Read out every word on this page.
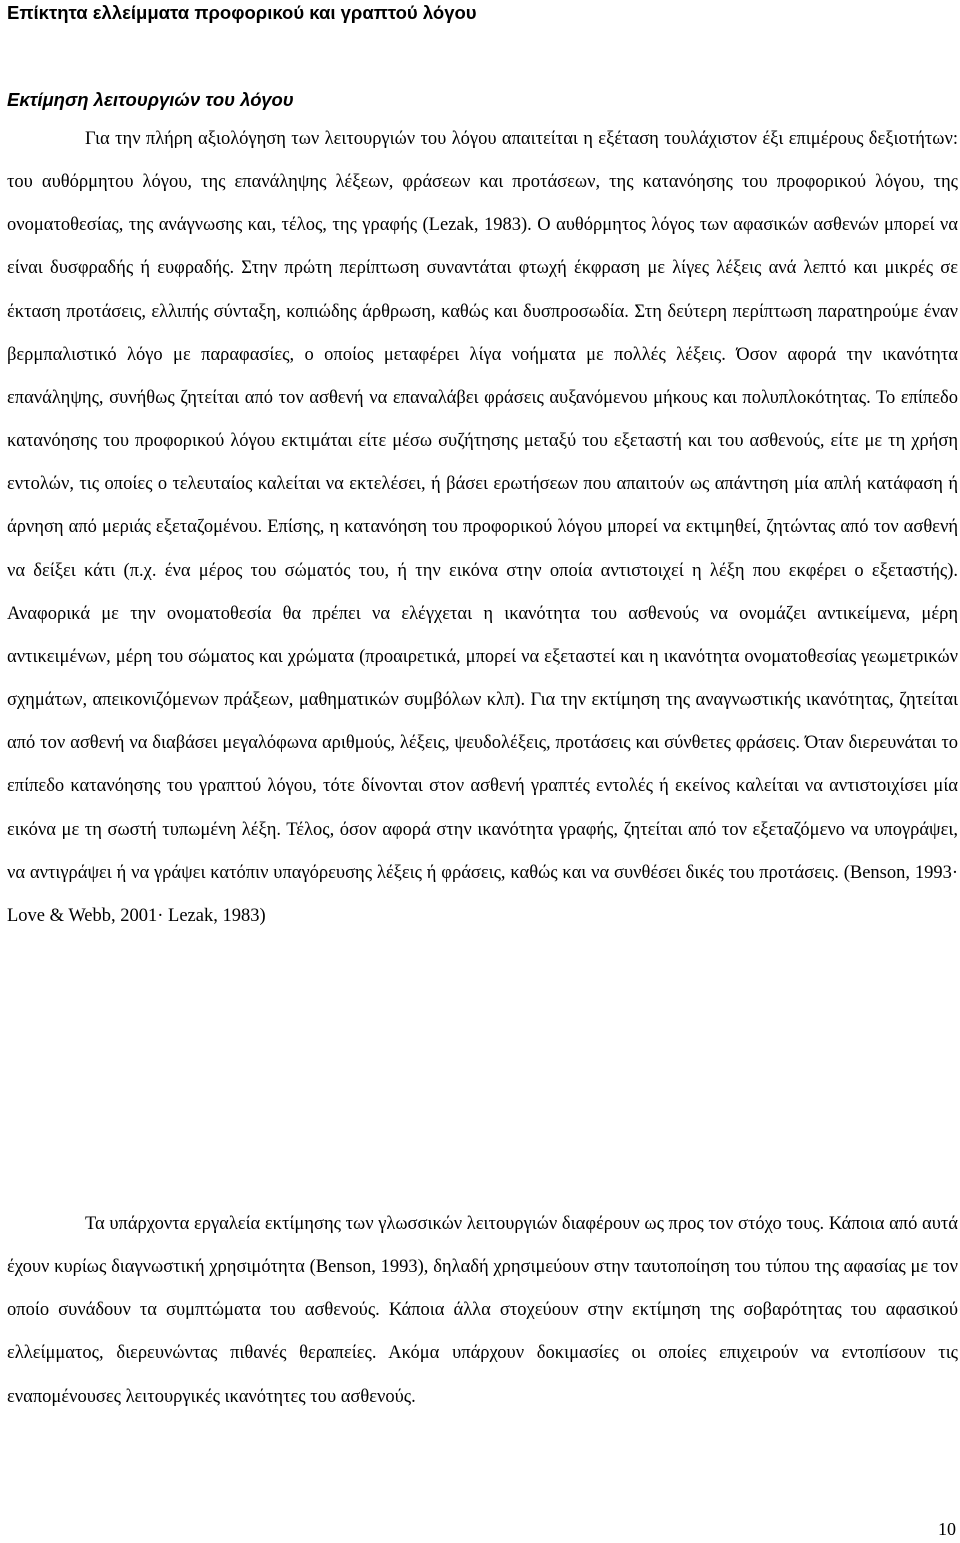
Επίκτητα ελλείμματα προφορικού και γραπτού λόγου
Εκτίμηση λειτουργιών του λόγου
Για την πλήρη αξιολόγηση των λειτουργιών του λόγου απαιτείται η εξέταση τουλάχιστον έξι επιμέρους δεξιοτήτων: του αυθόρμητου λόγου, της επανάληψης λέξεων, φράσεων και προτάσεων, της κατανόησης του προφορικού λόγου, της ονοματοθεσίας, της ανάγνωσης και, τέλος, της γραφής (Lezak, 1983). Ο αυθόρμητος λόγος των αφασικών ασθενών μπορεί να είναι δυσφραδής ή ευφραδής. Στην πρώτη περίπτωση συναντάται φτωχή έκφραση με λίγες λέξεις ανά λεπτό και μικρές σε έκταση προτάσεις, ελλιπής σύνταξη, κοπιώδης άρθρωση, καθώς και δυσπροσωδία. Στη δεύτερη περίπτωση παρατηρούμε έναν βερμπαλιστικό λόγο με παραφασίες, ο οποίος μεταφέρει λίγα νοήματα με πολλές λέξεις. Όσον αφορά την ικανότητα επανάληψης, συνήθως ζητείται από τον ασθενή να επαναλάβει φράσεις αυξανόμενου μήκους και πολυπλοκότητας. Το επίπεδο κατανόησης του προφορικού λόγου εκτιμάται είτε μέσω συζήτησης μεταξύ του εξεταστή και του ασθενούς, είτε με τη χρήση εντολών, τις οποίες ο τελευταίος καλείται να εκτελέσει, ή βάσει ερωτήσεων που απαιτούν ως απάντηση μία απλή κατάφαση ή άρνηση από μεριάς εξεταζομένου. Επίσης, η κατανόηση του προφορικού λόγου μπορεί να εκτιμηθεί, ζητώντας από τον ασθενή να δείξει κάτι (π.χ. ένα μέρος του σώματός του, ή την εικόνα στην οποία αντιστοιχεί η λέξη που εκφέρει ο εξεταστής). Αναφορικά με την ονοματοθεσία θα πρέπει να ελέγχεται η ικανότητα του ασθενούς να ονομάζει αντικείμενα, μέρη αντικειμένων, μέρη του σώματος και χρώματα (προαιρετικά, μπορεί να εξεταστεί και η ικανότητα ονοματοθεσίας γεωμετρικών σχημάτων, απεικονιζόμενων πράξεων, μαθηματικών συμβόλων κλπ). Για την εκτίμηση της αναγνωστικής ικανότητας, ζητείται από τον ασθενή να διαβάσει μεγαλόφωνα αριθμούς, λέξεις, ψευδολέξεις, προτάσεις και σύνθετες φράσεις. Όταν διερευνάται το επίπεδο κατανόησης του γραπτού λόγου, τότε δίνονται στον ασθενή γραπτές εντολές ή εκείνος καλείται να αντιστοιχίσει μία εικόνα με τη σωστή τυπωμένη λέξη. Τέλος, όσον αφορά στην ικανότητα γραφής, ζητείται από τον εξεταζόμενο να υπογράψει, να αντιγράψει ή να γράψει κατόπιν υπαγόρευσης λέξεις ή φράσεις, καθώς και να συνθέσει δικές του προτάσεις. (Benson, 1993· Love & Webb, 2001· Lezak, 1983)
Τα υπάρχοντα εργαλεία εκτίμησης των γλωσσικών λειτουργιών διαφέρουν ως προς τον στόχο τους. Κάποια από αυτά έχουν κυρίως διαγνωστική χρησιμότητα (Benson, 1993), δηλαδή χρησιμεύουν στην ταυτοποίηση του τύπου της αφασίας με τον οποίο συνάδουν τα συμπτώματα του ασθενούς. Κάποια άλλα στοχεύουν στην εκτίμηση της σοβαρότητας του αφασικού ελλείμματος, διερευνώντας πιθανές θεραπείες. Ακόμα υπάρχουν δοκιμασίες οι οποίες επιχειρούν να εντοπίσουν τις εναπομένουσες λειτουργικές ικανότητες του ασθενούς.
10
